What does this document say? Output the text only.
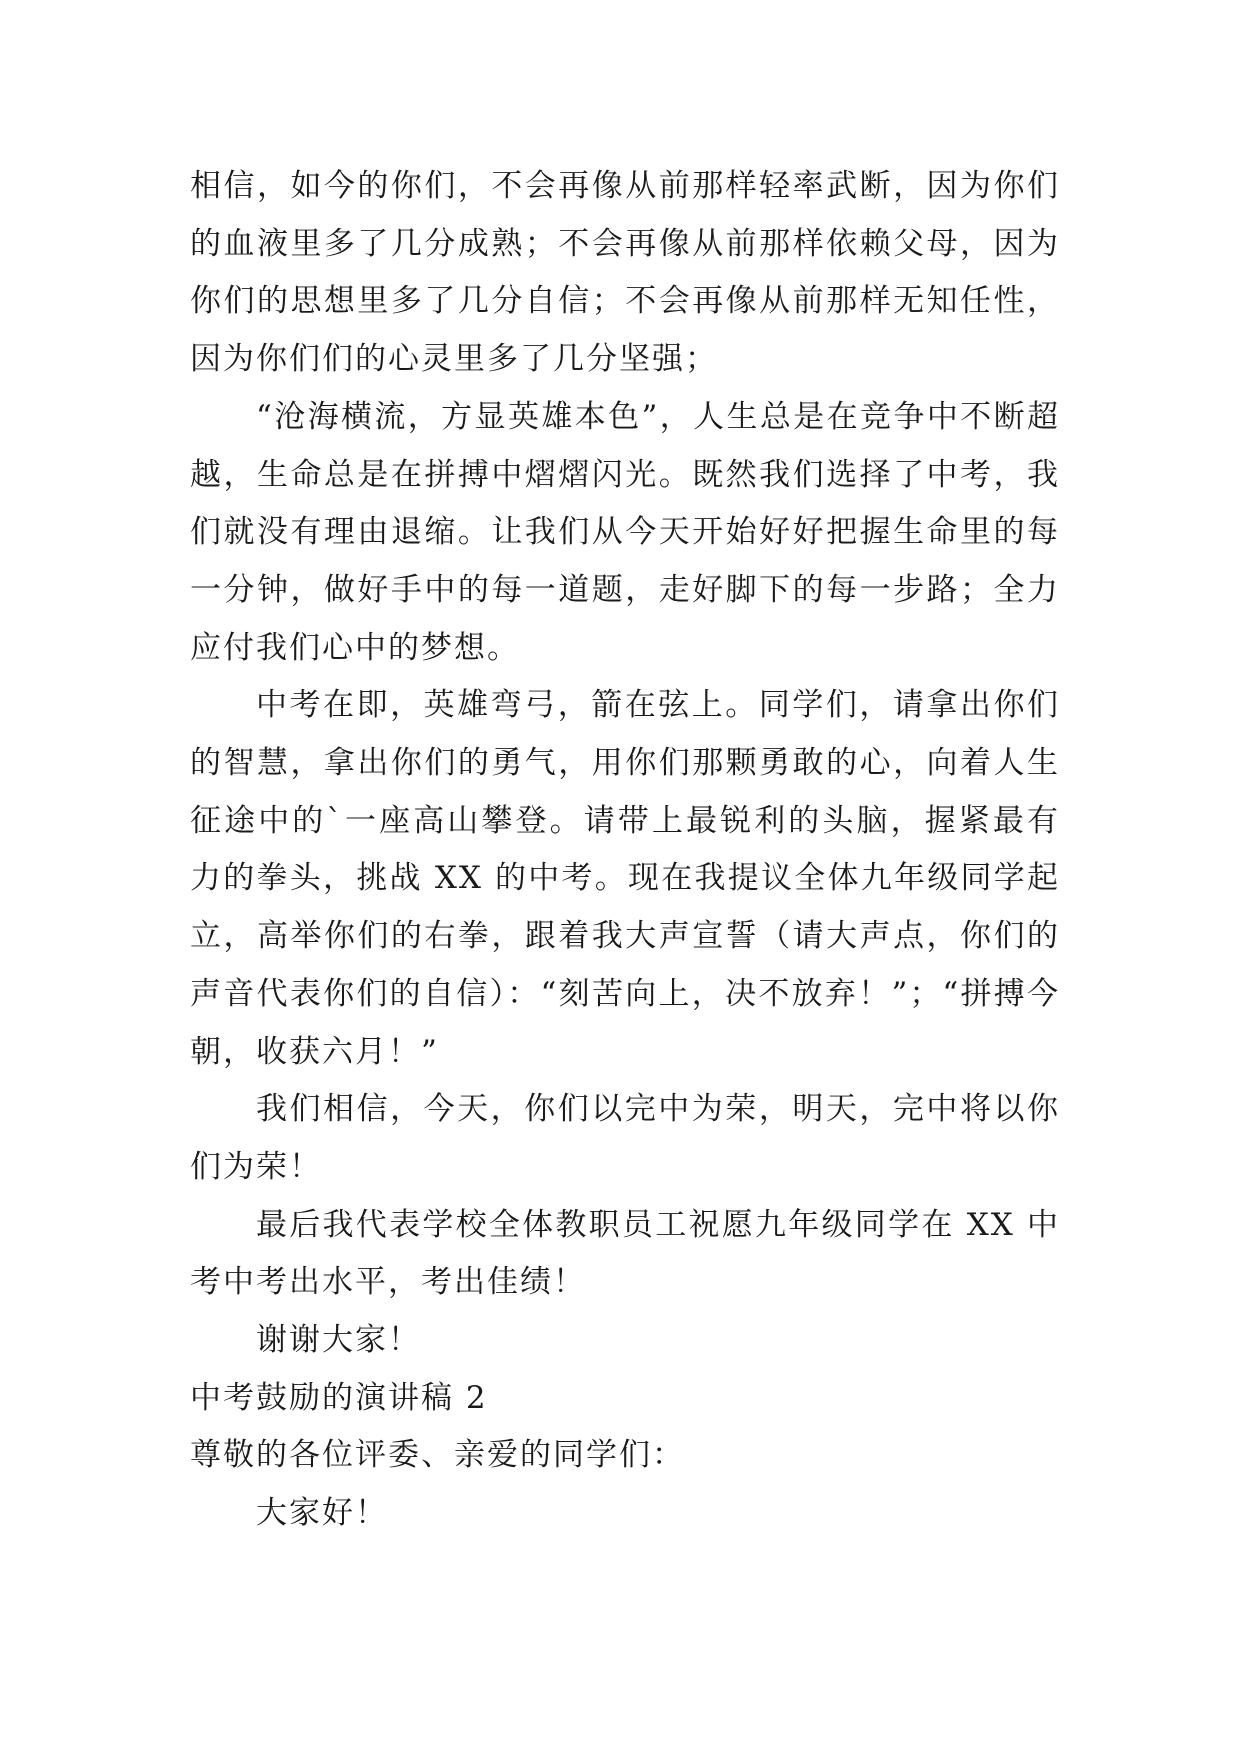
相信，如今的你们，不会再像从前那样轻率武断，因为你们的血液里多了几分成熟；不会再像从前那样依赖父母，因为你们的思想里多了几分自信；不会再像从前那样无知任性，因为你们们的心灵里多了几分坚强；

“沧海横流，方显英雄本色”，人生总是在竞争中不断超越，生命总是在拼搏中熠熠闪光。既然我们选择了中考，我们就没有理由退缩。让我们从今天开始好好把握生命里的每一分钟，做好手中的每一道题，走好脚下的每一步路；全力应付我们心中的梦想。

中考在即，英雄弯弓，箭在弦上。同学们，请拿出你们的智慧，拿出你们的勇气，用你们那颗勇敢的心，向着人生征途中的`一座高山攀登。请带上最锐利的头脑，握紧最有力的拳头，挑战 XX 的中考。现在我提议全体九年级同学起立，高举你们的右拳，跟着我大声宣誓（请大声点，你们的声音代表你们的自信）：“刻苦向上，决不放弃！”；“拼搏今朝，收获六月！”

我们相信，今天，你们以完中为荣，明天，完中将以你们为荣！

最后我代表学校全体教职员工祝愿九年级同学在 XX 中考中考出水平，考出佳绩！

谢谢大家！

中考鼓励的演讲稿 2

尊敬的各位评委、亲爱的同学们：

大家好！
